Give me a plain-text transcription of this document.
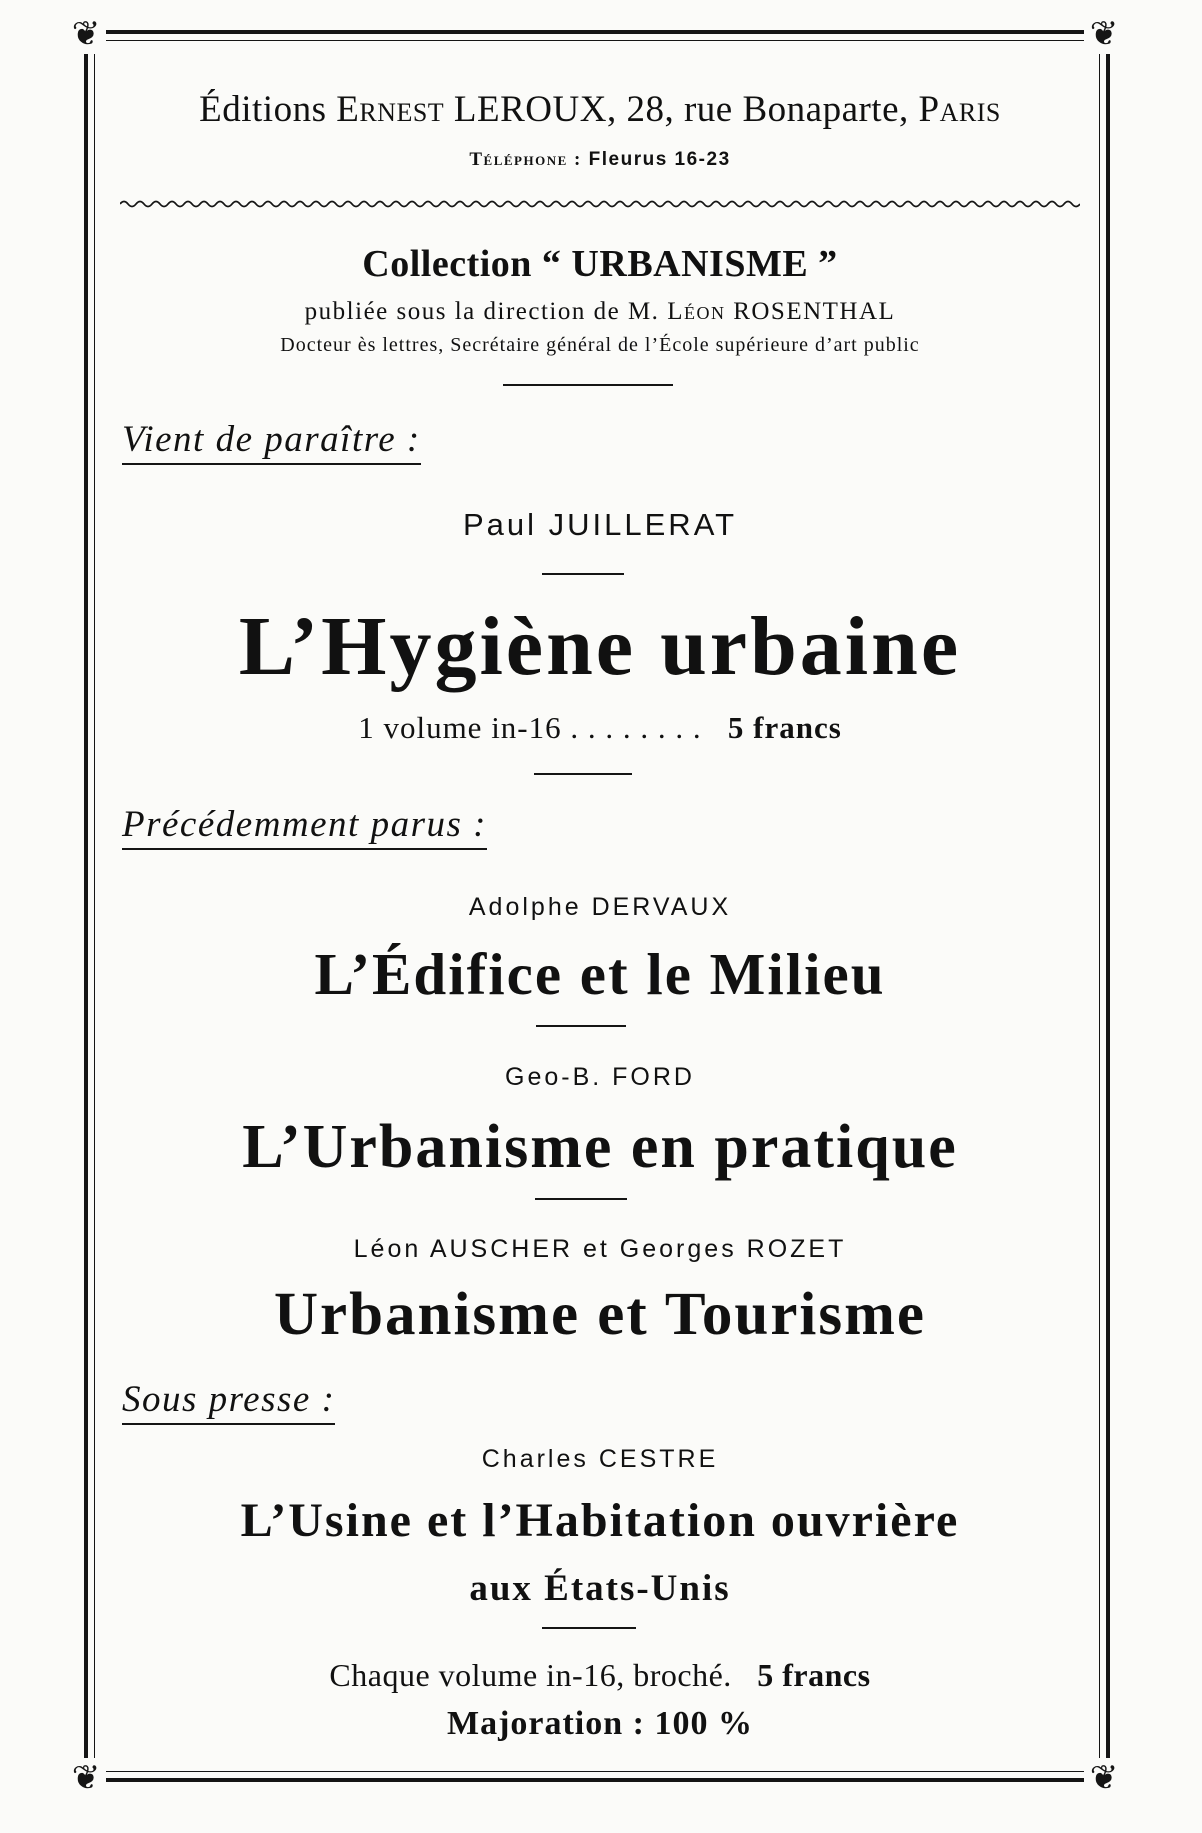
❦	❦
❦	❦
Éditions Ernest LEROUX, 28, rue Bonaparte, Paris
Téléphone : Fleurus 16-23
Collection “ URBANISME ”
publiée sous la direction de M. Léon ROSENTHAL
Docteur ès lettres, Secrétaire général de l’École supérieure d’art public
Vient de paraître :
Paul JUILLERAT
L’Hygiène urbaine
1 volume in-16 . . . . . . . . 5 francs
Précédemment parus :
Adolphe DERVAUX
L’Édifice et le Milieu
Geo-B. FORD
L’Urbanisme en pratique
Léon AUSCHER et Georges ROZET
Urbanisme et Tourisme
Sous presse :
Charles CESTRE
L’Usine et l’Habitation ouvrière
aux États-Unis
Chaque volume in-16, broché. 5 francs
Majoration : 100 %
